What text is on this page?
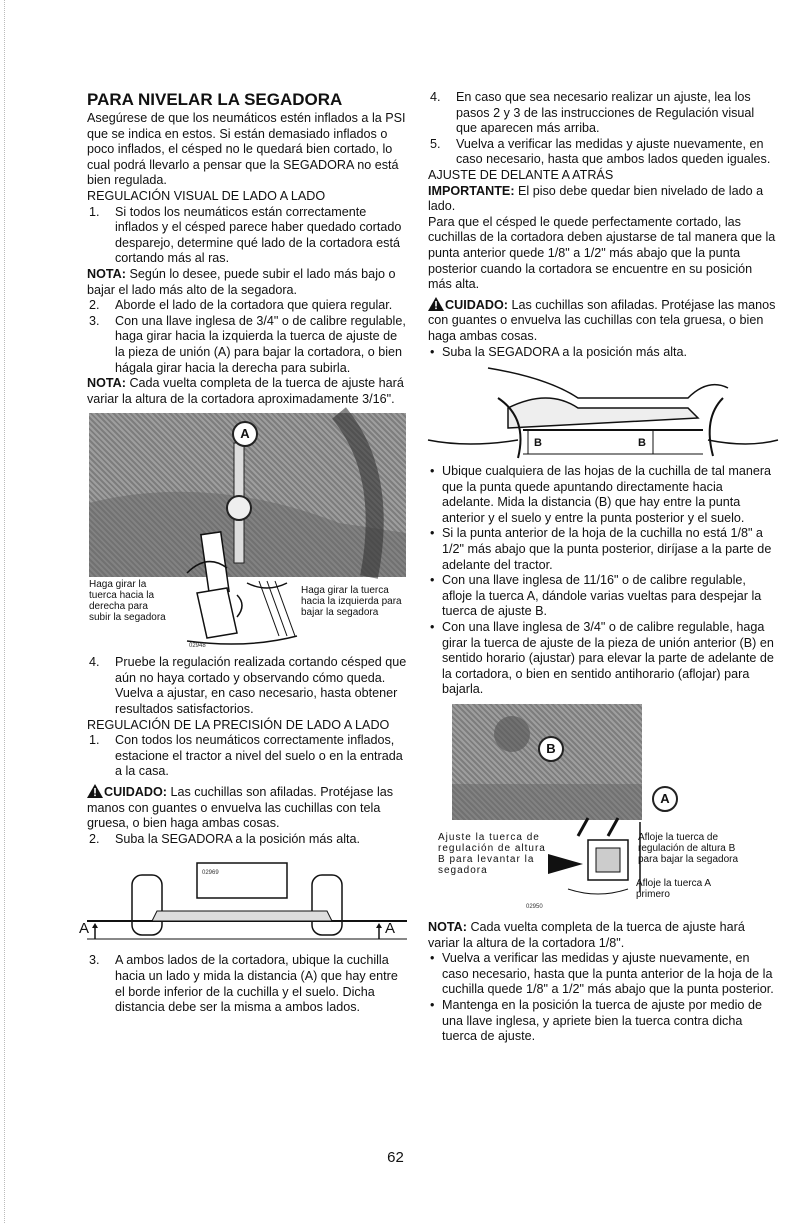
PARA NIVELAR LA SEGADORA

Asegúrese de que los neumáticos estén inflados a la PSI que se indica en estos. Si están demasiado inflados o poco inflados, el césped no le quedará bien cortado, lo cual podrá llevarlo a pensar que la SEGADORA no está bien regulada.

REGULACIÓN VISUAL DE LADO A LADO

1. Si todos los neumáticos están correctamente inflados y el césped parece haber quedado cortado desparejo, determine qué lado de la cortadora está cortando más al ras.

NOTA: Según lo desee, puede subir el lado más bajo o bajar el lado más alto de la segadora.

2. Aborde el lado de la cortadora que quiera regular.
3. Con una llave inglesa de 3/4" o de calibre regulable, haga girar hacia la izquierda la tuerca de ajuste de la pieza de unión (A) para bajar la cortadora, o bien hágala girar hacia la derecha para subirla.

NOTA: Cada vuelta completa de la tuerca de ajuste hará variar la altura de la cortadora aproximadamente 3/16".

A
Haga girar la tuerca hacia la derecha para subir la segadora
Haga girar la tuerca hacia la izquierda para bajar la segadora
02948
4. Pruebe la regulación realizada cortando césped que aún no haya cortado y observando cómo queda. Vuelva a ajustar, en caso necesario, hasta obtener resultados satisfactorios.

REGULACIÓN DE LA PRECISIÓN DE LADO A LADO

1. Con todos los neumáticos correctamente inflados, estacione el tractor a nivel del suelo o en la entrada a la casa.

CUIDADO: Las cuchillas son afiladas. Protéjase las manos con guantes o envuelva las cuchillas con tela gruesa, o bien haga ambas cosas.

2. Suba la SEGADORA a la posición más alta.
02969
A	A
3. A ambos lados de la cortadora, ubique la cuchilla hacia un lado y mida la distancia (A) que hay entre el borde inferior de la cuchilla y el suelo. Dicha distancia debe ser la misma a ambos lados.
4. En caso que sea necesario realizar un ajuste, lea los pasos 2 y 3 de las instrucciones de Regulación visual que aparecen más arriba.
5. Vuelva a verificar las medidas y ajuste nuevamente, en caso necesario, hasta que ambos lados queden iguales.

AJUSTE DE DELANTE A ATRÁS

IMPORTANTE: El piso debe quedar bien nivelado de lado a lado.

Para que el césped le quede perfectamente cortado, las cuchillas de la cortadora deben ajustarse de tal manera que la punta anterior quede 1/8" a 1/2" más abajo que la punta posterior cuando la cortadora se encuentre en su posición más alta.

CUIDADO: Las cuchillas son afiladas. Protéjase las manos con guantes o envuelva las cuchillas con tela gruesa, o bien haga ambas cosas.

• Suba la SEGADORA a la posición más alta.
B	B
• Ubique cualquiera de las hojas de la cuchilla de tal manera que la punta quede apuntando directamente hacia adelante. Mida la distancia (B) que hay entre la punta anterior y el suelo y entre la punta posterior y el suelo.
• Si la punta anterior de la hoja de la cuchilla no está 1/8" a 1/2" más abajo que la punta posterior, diríjase a la parte de adelante del tractor.
• Con una llave inglesa de 11/16" o de calibre regulable, afloje la tuerca A, dándole varias vueltas para despejar la tuerca de ajuste B.
• Con una llave inglesa de 3/4" o de calibre regulable, haga girar la tuerca de ajuste de la pieza de unión anterior (B) en sentido horario (ajustar) para elevar la parte de adelante de la cortadora, o bien en sentido antihorario (aflojar) para bajarla.
B
A
Ajuste la tuerca de regulación de altura B para levantar la segadora
Afloje la tuerca de regulación de altura B para bajar la segadora
Afloje la tuerca A primero
02950

NOTA: Cada vuelta completa de la tuerca de ajuste hará variar la altura de la cortadora 1/8".

• Vuelva a verificar las medidas y ajuste nuevamente, en caso necesario, hasta que la punta anterior de la hoja de la cuchilla quede 1/8" a 1/2" más abajo que la punta posterior.
• Mantenga en la posición la tuerca de ajuste por medio de una llave inglesa, y apriete bien la tuerca contra dicha tuerca de ajuste.
62
